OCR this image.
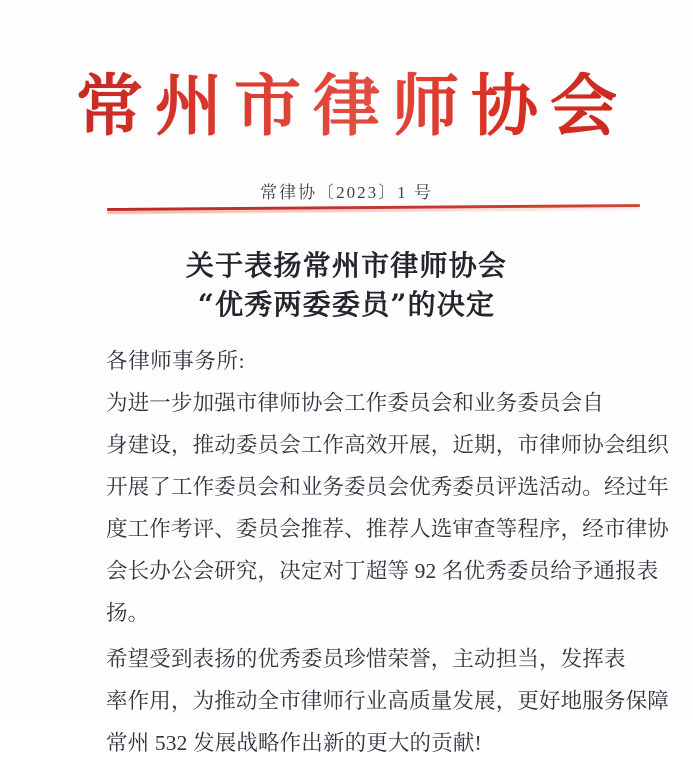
常州市律师协会
常律协〔2023〕1 号
关于表扬常州市律师协会
“优秀两委委员”的决定
各律师事务所:

为进一步加强市律师协会工作委员会和业务委员会自
身建设，推动委员会工作高效开展，近期，市律师协会组织
开展了工作委员会和业务委员会优秀委员评选活动。经过年
度工作考评、委员会推荐、推荐人选审查等程序，经市律协
会长办公会研究，决定对丁超等 92 名优秀委员给予通报表
扬。

希望受到表扬的优秀委员珍惜荣誉，主动担当，发挥表
率作用，为推动全市律师行业高质量发展，更好地服务保障
常州 532 发展战略作出新的更大的贡献!
